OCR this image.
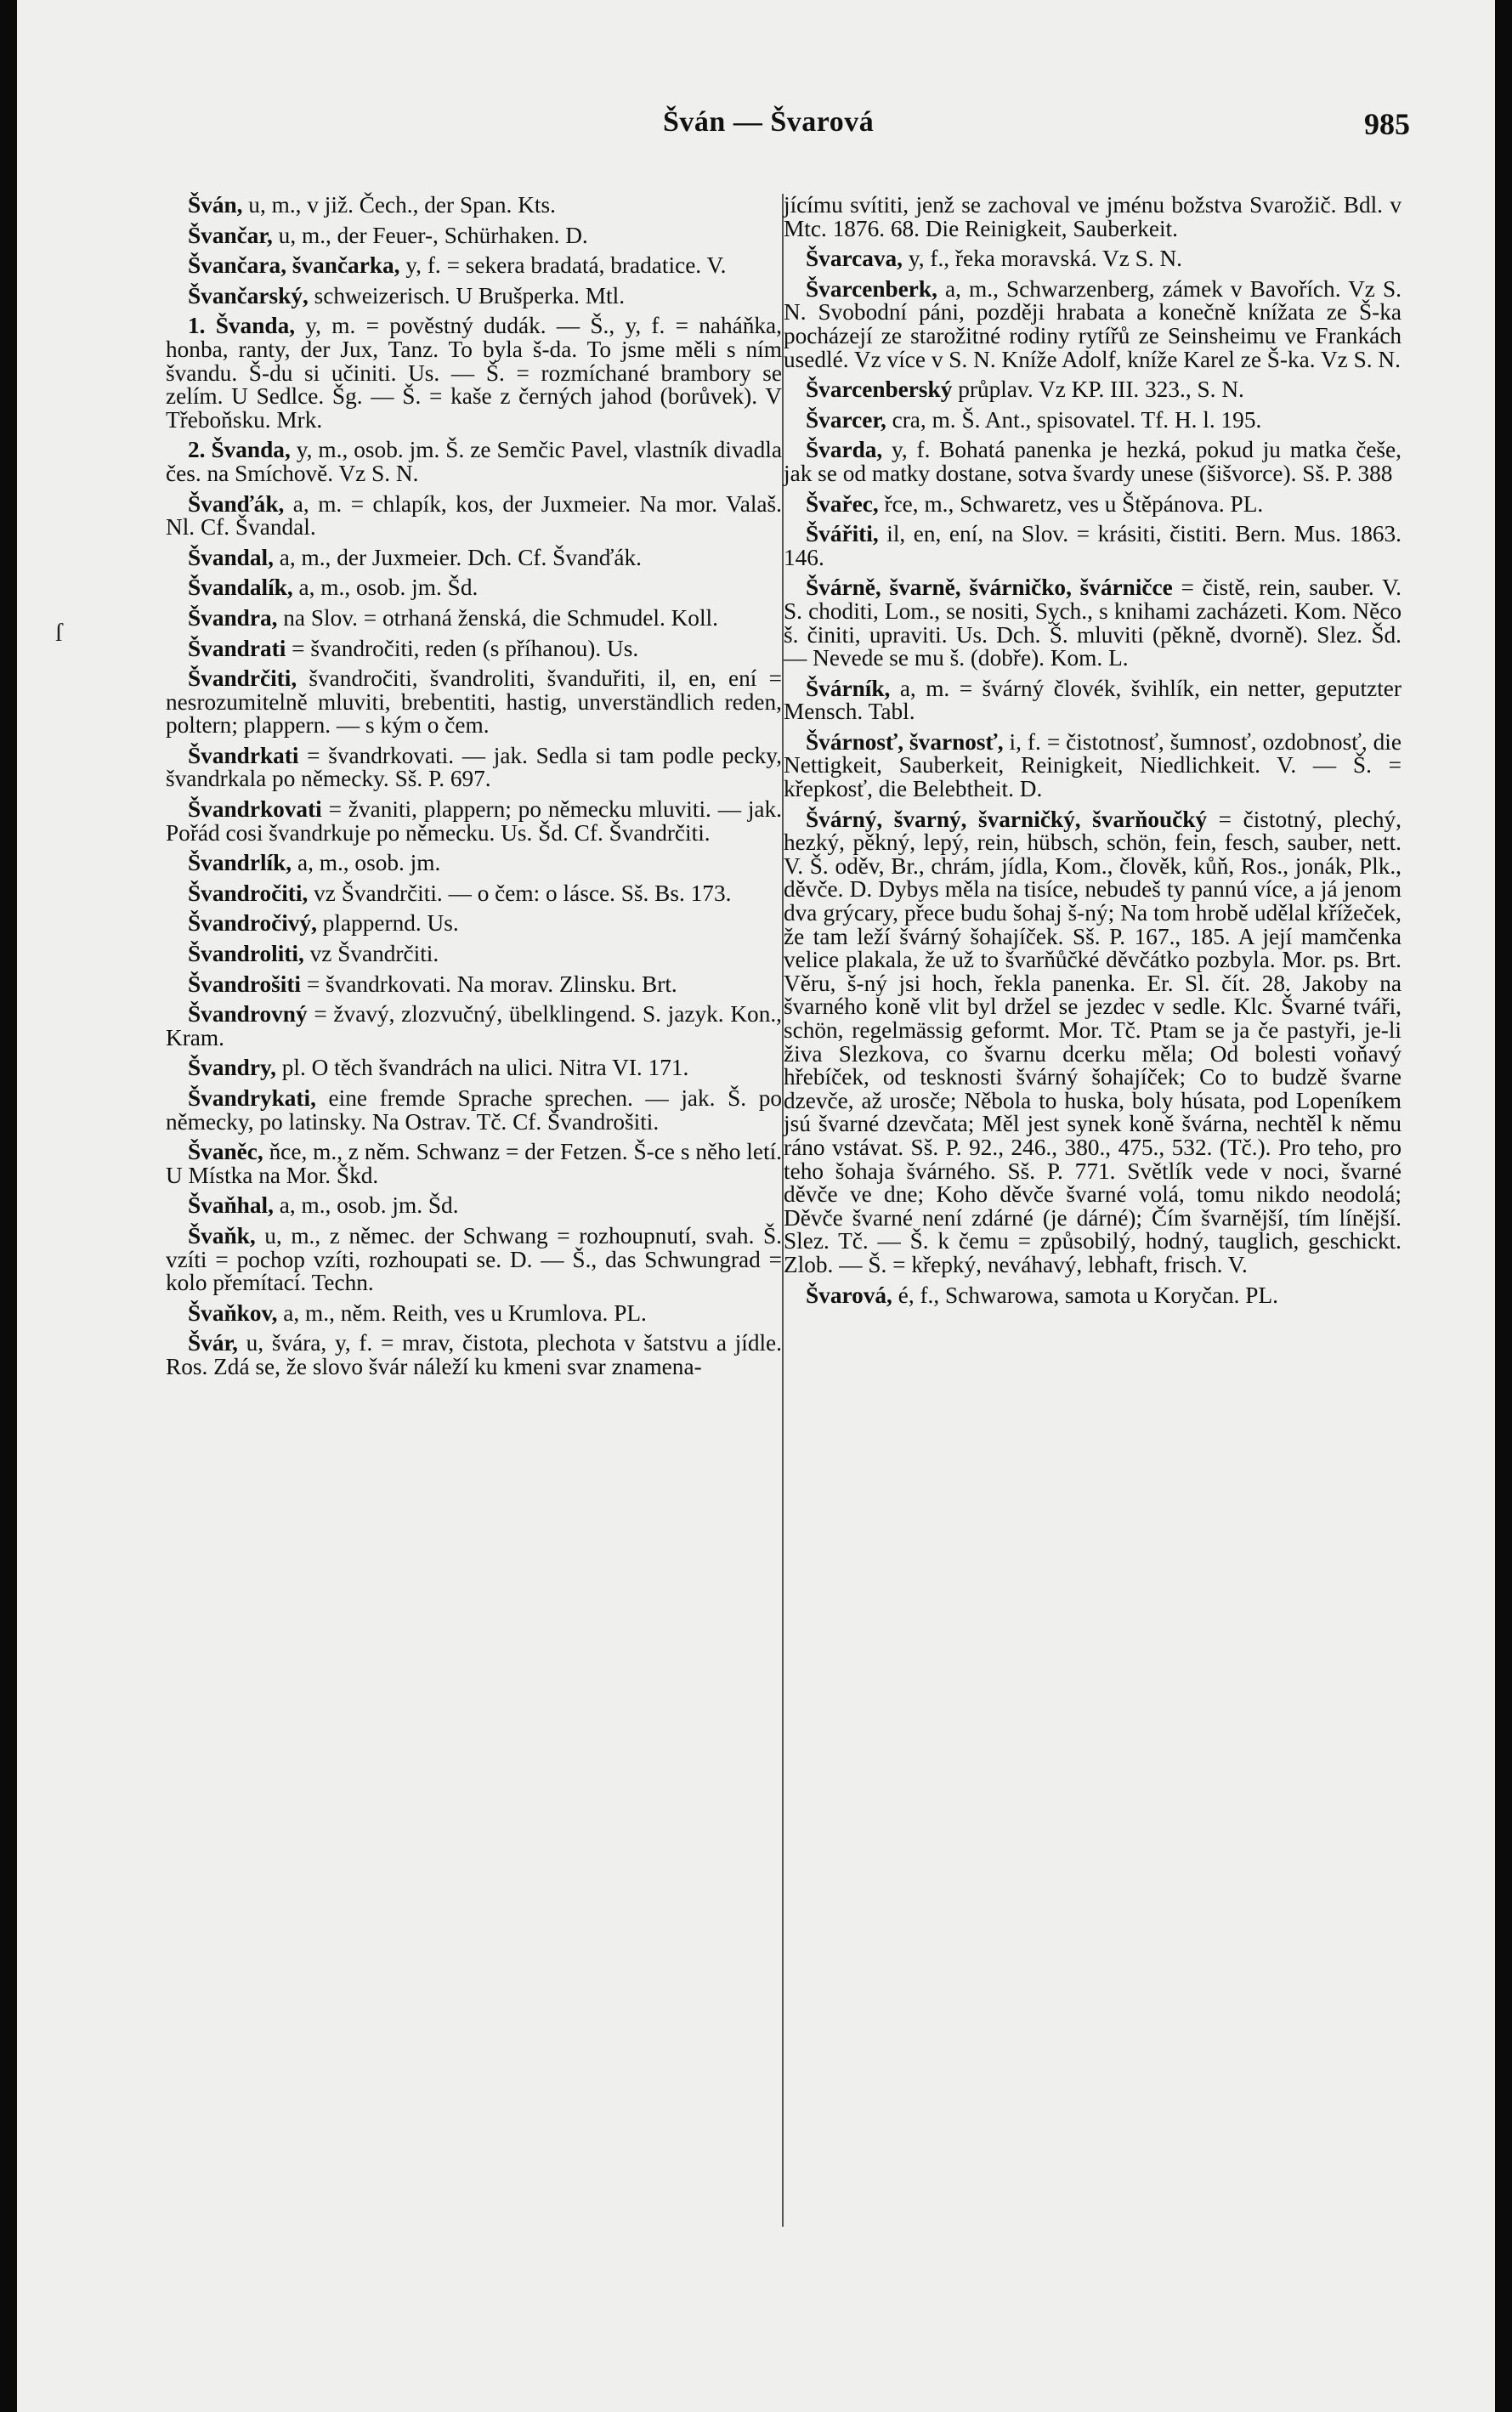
Šván — Švarová	985
ſ

Šván, u, m., v již. Čech., der Span. Kts.

Švančar, u, m., der Feuer-, Schürhaken. D.

Švančara, švančarka, y, f. = sekera bradatá, bradatice. V.

Švančarský, schweizerisch. U Brušperka. Mtl.

1. Švanda, y, m. = pověstný dudák. — Š., y, f. = naháňka, honba, ranty, der Jux, Tanz. To byla š-da. To jsme měli s ním švandu. Š-du si učiniti. Us. — Š. = rozmíchané brambory se zelím. U Sedlce. Šg. — Š. = kaše z černých jahod (borůvek). V Třeboňsku. Mrk.

2. Švanda, y, m., osob. jm. Š. ze Semčic Pavel, vlastník divadla čes. na Smíchově. Vz S. N.

Švanďák, a, m. = chlapík, kos, der Juxmeier. Na mor. Valaš. Nl. Cf. Švandal.

Švandal, a, m., der Juxmeier. Dch. Cf. Švanďák.

Švandalík, a, m., osob. jm. Šd.

Švandra, na Slov. = otrhaná ženská, die Schmudel. Koll.

Švandrati = švandročiti, reden (s příhanou). Us.

Švandrčiti, švandročiti, švandroliti, švanduřiti, il, en, ení = nesrozumitelně mluviti, brebentiti, hastig, unverständlich reden, poltern; plappern. — s kým o čem.

Švandrkati = švandrkovati. — jak. Sedla si tam podle pecky, švandrkala po německy. Sš. P. 697.

Švandrkovati = žvaniti, plappern; po německu mluviti. — jak. Pořád cosi švandrkuje po německu. Us. Šd. Cf. Švandrčiti.

Švandrlík, a, m., osob. jm.

Švandročiti, vz Švandrčiti. — o čem: o lásce. Sš. Bs. 173.

Švandročivý, plappernd. Us.

Švandroliti, vz Švandrčiti.

Švandrošiti = švandrkovati. Na morav. Zlinsku. Brt.

Švandrovný = žvavý, zlozvučný, übelklingend. S. jazyk. Kon., Kram.

Švandry, pl. O těch švandrách na ulici. Nitra VI. 171.

Švandrykati, eine fremde Sprache sprechen. — jak. Š. po německy, po latinsky. Na Ostrav. Tč. Cf. Švandrošiti.

Švaněc, ňce, m., z něm. Schwanz = der Fetzen. Š-ce s něho letí. U Místka na Mor. Škd.

Švaňhal, a, m., osob. jm. Šd.

Švaňk, u, m., z němec. der Schwang = rozhoupnutí, svah. Š. vzíti = pochop vzíti, rozhoupati se. D. — Š., das Schwungrad = kolo přemítací. Techn.

Švaňkov, a, m., něm. Reith, ves u Krumlova. PL.

Švár, u, švára, y, f. = mrav, čistota, plechota v šatstvu a jídle. Ros. Zdá se, že slovo švár náleží ku kmeni svar znamena-

jícímu svítiti, jenž se zachoval ve jménu božstva Svarožič. Bdl. v Mtc. 1876. 68. Die Reinigkeit, Sauberkeit.

Švarcava, y, f., řeka moravská. Vz S. N.

Švarcenberk, a, m., Schwarzenberg, zámek v Bavořích. Vz S. N. Svobodní páni, později hrabata a konečně knížata ze Š-ka pocházejí ze starožitné rodiny rytířů ze Seinsheimu ve Frankách usedlé. Vz více v S. N. Kníže Adolf, kníže Karel ze Š-ka. Vz S. N.

Švarcenberský průplav. Vz KP. III. 323., S. N.

Švarcer, cra, m. Š. Ant., spisovatel. Tf. H. l. 195.

Švarda, y, f. Bohatá panenka je hezká, pokud ju matka češe, jak se od matky dostane, sotva švardy unese (šišvorce). Sš. P. 388

Švařec, řce, m., Schwaretz, ves u Štěpánova. PL.

Švářiti, il, en, ení, na Slov. = krásiti, čistiti. Bern. Mus. 1863. 146.

Švárně, švarně, švárničko, švárničce = čistě, rein, sauber. V. S. choditi, Lom., se nositi, Sych., s knihami zacházeti. Kom. Něco š. činiti, upraviti. Us. Dch. Š. mluviti (pěkně, dvorně). Slez. Šd. — Nevede se mu š. (dobře). Kom. L.

Švárník, a, m. = švárný človék, švihlík, ein netter, geputzter Mensch. Tabl.

Švárnosť, švarnosť, i, f. = čistotnosť, šumnosť, ozdobnosť, die Nettigkeit, Sauberkeit, Reinigkeit, Niedlichkeit. V. — Š. = křepkosť, die Belebtheit. D.

Švárný, švarný, švarničký, švarňoučký = čistotný, plechý, hezký, pěkný, lepý, rein, hübsch, schön, fein, fesch, sauber, nett. V. Š. oděv, Br., chrám, jídla, Kom., člověk, kůň, Ros., jonák, Plk., děvče. D. Dybys měla na tisíce, nebudeš ty pannú více, a já jenom dva grýcary, přece budu šohaj š-ný; Na tom hrobě udělal křížeček, že tam leží švárný šohajíček. Sš. P. 167., 185. A její mamčenka velice plakala, že už to švarňůčké děvčátko pozbyla. Mor. ps. Brt. Věru, š-ný jsi hoch, řekla panenka. Er. Sl. čít. 28. Jakoby na švarného koně vlit byl držel se jezdec v sedle. Klc. Švarné tváři, schön, regelmässig geformt. Mor. Tč. Ptam se ja če pastyři, je-li živa Slezkova, co švarnu dcerku měla; Od bolesti voňavý hřebíček, od tesknosti švárný šohajíček; Co to budzě švarne dzevče, až urosče; Něbola to huska, boly húsata, pod Lopeníkem jsú švarné dzevčata; Měl jest synek koně švárna, nechtěl k němu ráno vstávat. Sš. P. 92., 246., 380., 475., 532. (Tč.). Pro teho, pro teho šohaja švárného. Sš. P. 771. Světlík vede v noci, švarné děvče ve dne; Koho děvče švarné volá, tomu nikdo neodolá; Děvče švarné není zdárné (je dárné); Čím švarnější, tím línější. Slez. Tč. — Š. k čemu = způsobilý, hodný, tauglich, geschickt. Zlob. — Š. = křepký, neváhavý, lebhaft, frisch. V.

Švarová, é, f., Schwarowa, samota u Koryčan. PL.
